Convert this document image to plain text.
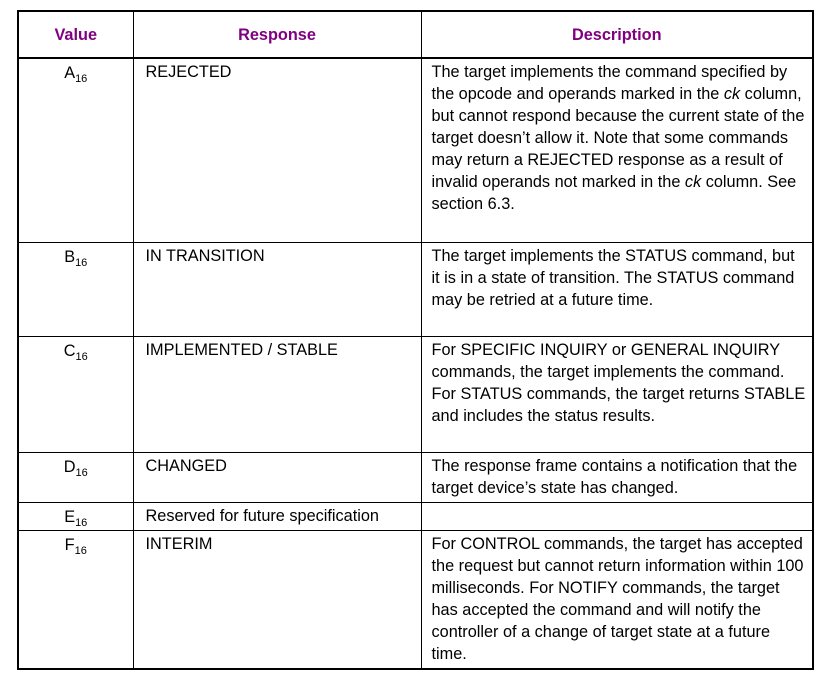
Value	Response	Description
$A_{16}$	REJECTED	The target implements the command specified by the opcode and operands marked in the ck column, but cannot respond because the current state of the target doesn’t allow it. Note that some commands may return a REJECTED response as a result of invalid operands not marked in the ck column. See section 6.3.
$B_{16}$	IN TRANSITION	The target implements the STATUS command, but it is in a state of transition. The STATUS command may be retried at a future time.
$C_{16}$	IMPLEMENTED / STABLE	For SPECIFIC INQUIRY or GENERAL INQUIRY commands, the target implements the command. For STATUS commands, the target returns STABLE and includes the status results.
$D_{16}$	CHANGED	The response frame contains a notification that the target device’s state has changed.
$E_{16}$	Reserved for future specification	
$F_{16}$	INTERIM	For CONTROL commands, the target has accepted the request but cannot return information within 100 milliseconds. For NOTIFY commands, the target has accepted the command and will notify the controller of a change of target state at a future time.
